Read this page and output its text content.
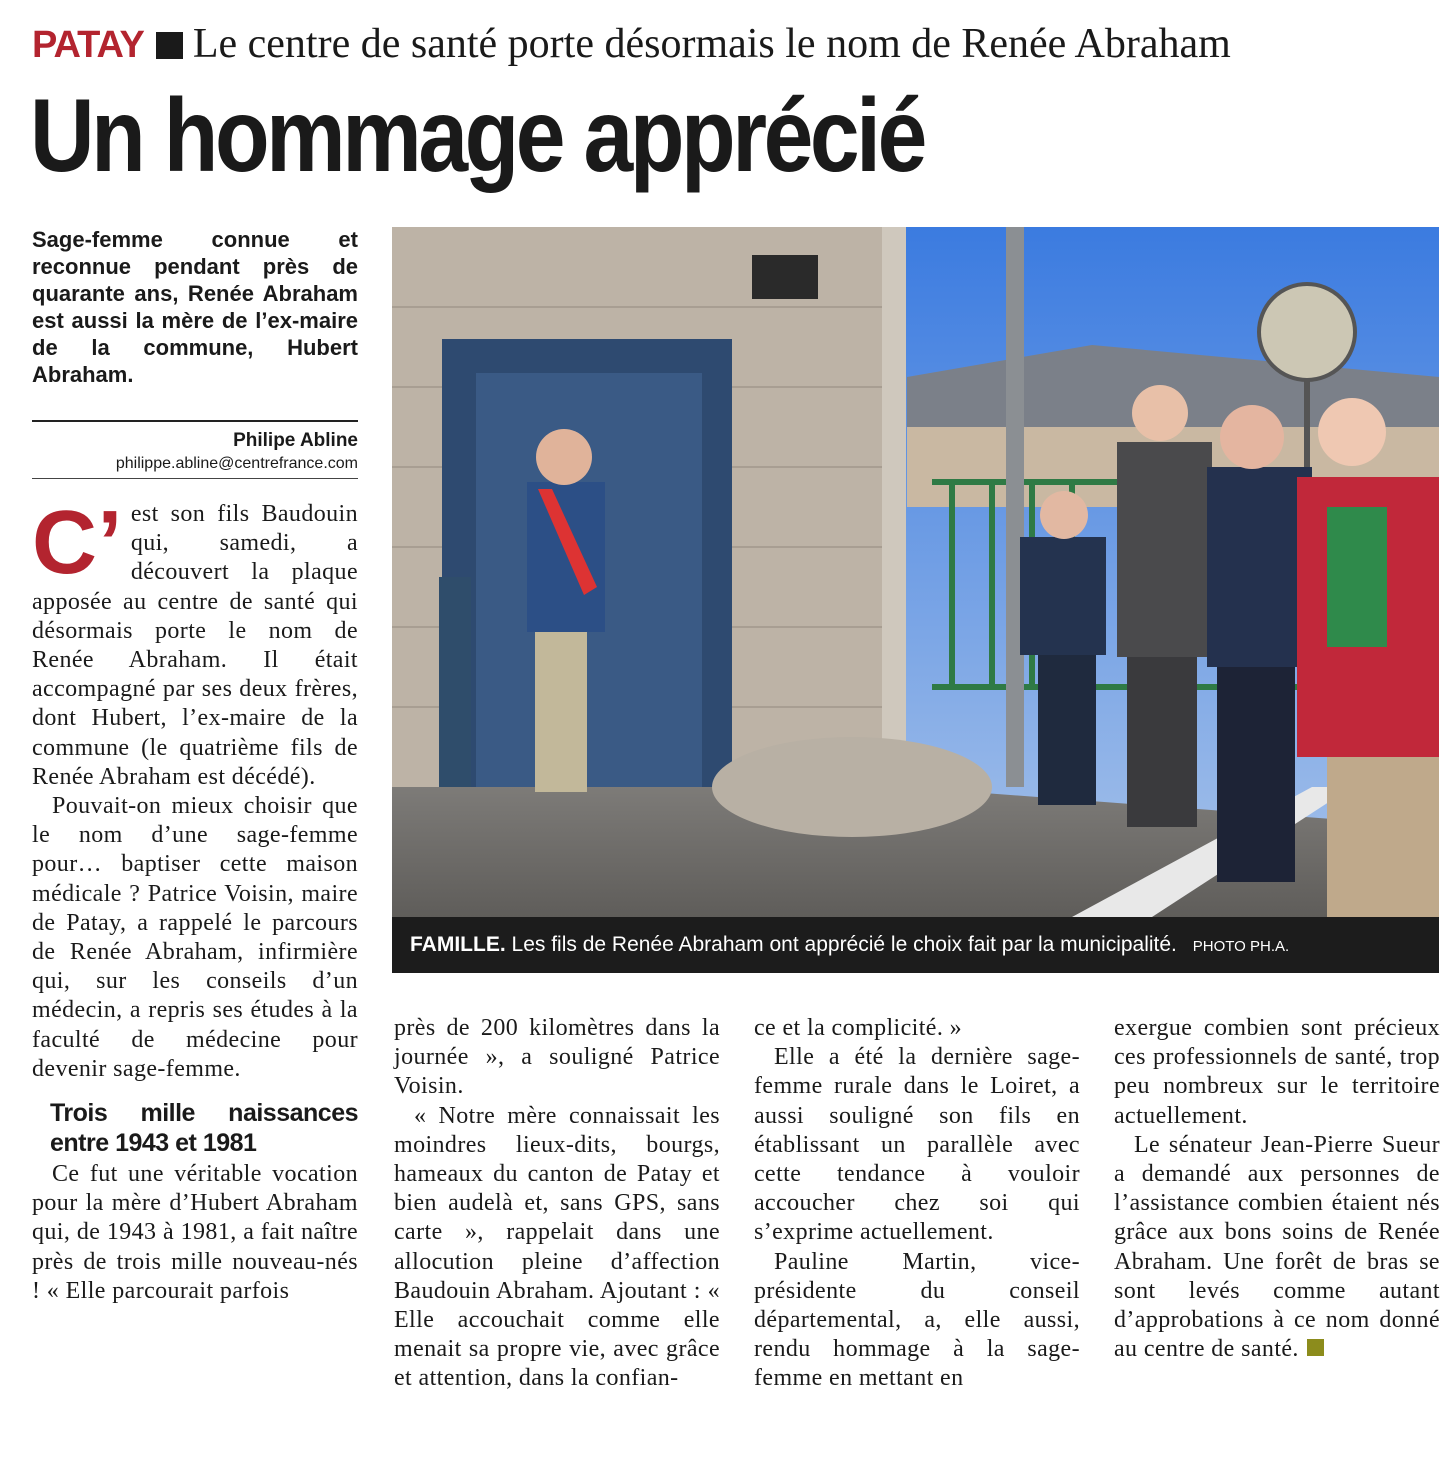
PATAY Le centre de santé porte désormais le nom de Renée Abraham
Un hommage apprécié
Sage-femme connue et reconnue pendant près de quarante ans, Renée Abraham est aussi la mère de l’ex-maire de la commune, Hubert Abraham.
Philipe Abline
philippe.abline@centrefrance.com

C’ est son fils Baudouin qui, samedi, a découvert la plaque apposée au centre de santé qui désormais porte le nom de Renée Abraham. Il était accompagné par ses deux frères, dont Hubert, l’ex-maire de la commune (le quatrième fils de Renée Abraham est décédé).

Pouvait-on mieux choisir que le nom d’une sage-femme pour… baptiser cette maison médicale ? Patrice Voisin, maire de Patay, a rappelé le parcours de Renée Abraham, infirmière qui, sur les conseils d’un médecin, a repris ses études à la faculté de médecine pour devenir sage-femme.

Trois mille naissances entre 1943 et 1981

Ce fut une véritable vocation pour la mère d’Hubert Abraham qui, de 1943 à 1981, a fait naître près de trois mille nouveau-nés ! « Elle parcourait parfois

FAMILLE. Les fils de Renée Abraham ont apprécié le choix fait par la municipalité. PHOTO PH.A.

près de 200 kilomètres dans la journée », a souligné Patrice Voisin.

« Notre mère connaissait les moindres lieux-dits, bourgs, hameaux du canton de Patay et bien audelà et, sans GPS, sans carte », rappelait dans une allocution pleine d’affection Baudouin Abraham. Ajoutant : « Elle accouchait comme elle menait sa propre vie, avec grâce et attention, dans la confian-

ce et la complicité. »

Elle a été la dernière sage-femme rurale dans le Loiret, a aussi souligné son fils en établissant un parallèle avec cette tendance à vouloir accoucher chez soi qui s’exprime actuellement.

Pauline Martin, vice-présidente du conseil départemental, a, elle aussi, rendu hommage à la sage-femme en mettant en

exergue combien sont précieux ces professionnels de santé, trop peu nombreux sur le territoire actuellement.

Le sénateur Jean-Pierre Sueur a demandé aux personnes de l’assistance combien étaient nés grâce aux bons soins de Renée Abraham. Une forêt de bras se sont levés comme autant d’approbations à ce nom donné au centre de santé.
